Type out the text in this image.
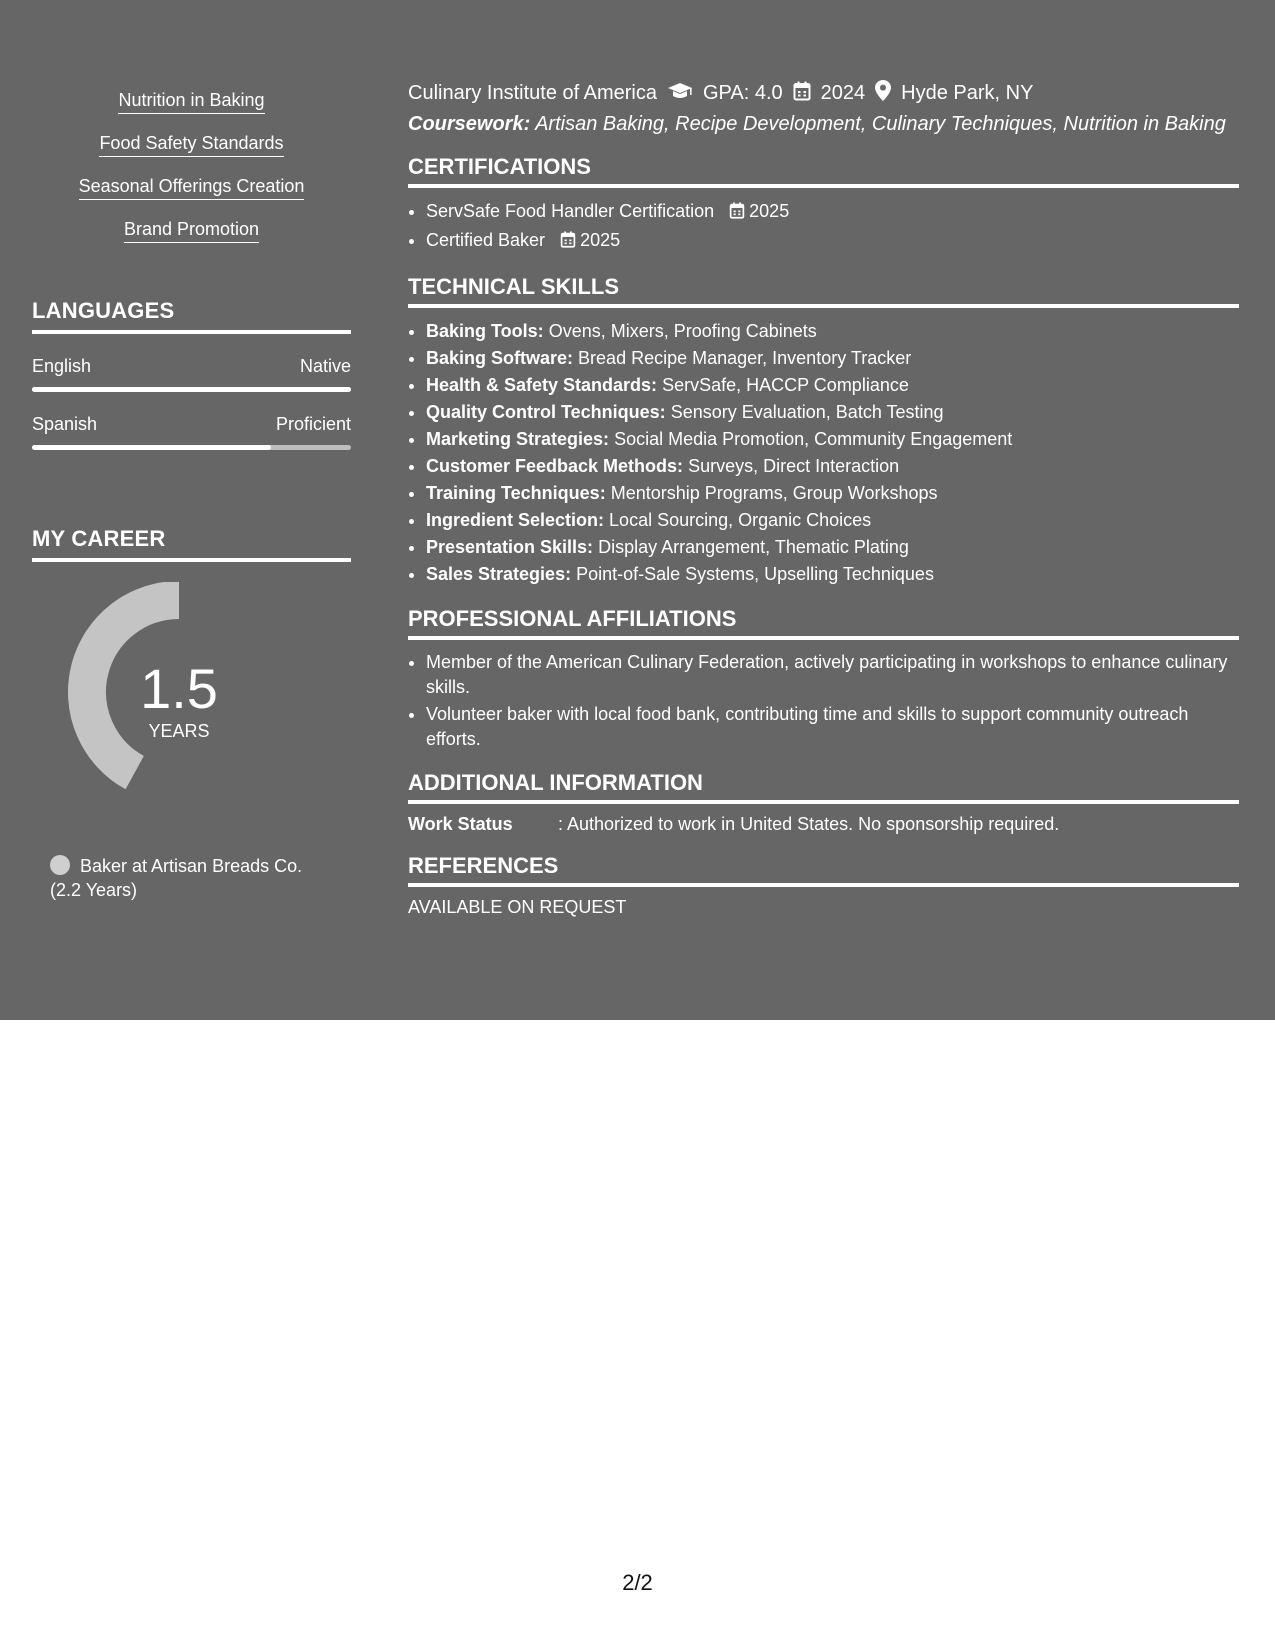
Nutrition in Baking
Food Safety Standards
Seasonal Offerings Creation
Brand Promotion
LANGUAGES
English	Native
Spanish	Proficient
MY CAREER
1.5
YEARS
Baker at Artisan Breads Co.
(2.2 Years)
Culinary Institute of America GPA: 4.0 2024 Hyde Park, NY
Coursework: Artisan Baking, Recipe Development, Culinary Techniques, Nutrition in Baking
CERTIFICATIONS
• ServSafe Food Handler Certification 2025
• Certified Baker 2025
TECHNICAL SKILLS
• Baking Tools: Ovens, Mixers, Proofing Cabinets
• Baking Software: Bread Recipe Manager, Inventory Tracker
• Health & Safety Standards: ServSafe, HACCP Compliance
• Quality Control Techniques: Sensory Evaluation, Batch Testing
• Marketing Strategies: Social Media Promotion, Community Engagement
• Customer Feedback Methods: Surveys, Direct Interaction
• Training Techniques: Mentorship Programs, Group Workshops
• Ingredient Selection: Local Sourcing, Organic Choices
• Presentation Skills: Display Arrangement, Thematic Plating
• Sales Strategies: Point-of-Sale Systems, Upselling Techniques
PROFESSIONAL AFFILIATIONS
• Member of the American Culinary Federation, actively participating in workshops to enhance culinary skills.
• Volunteer baker with local food bank, contributing time and skills to support community outreach efforts.
ADDITIONAL INFORMATION
Work Status	: Authorized to work in United States. No sponsorship required.
REFERENCES
AVAILABLE ON REQUEST
2/2
